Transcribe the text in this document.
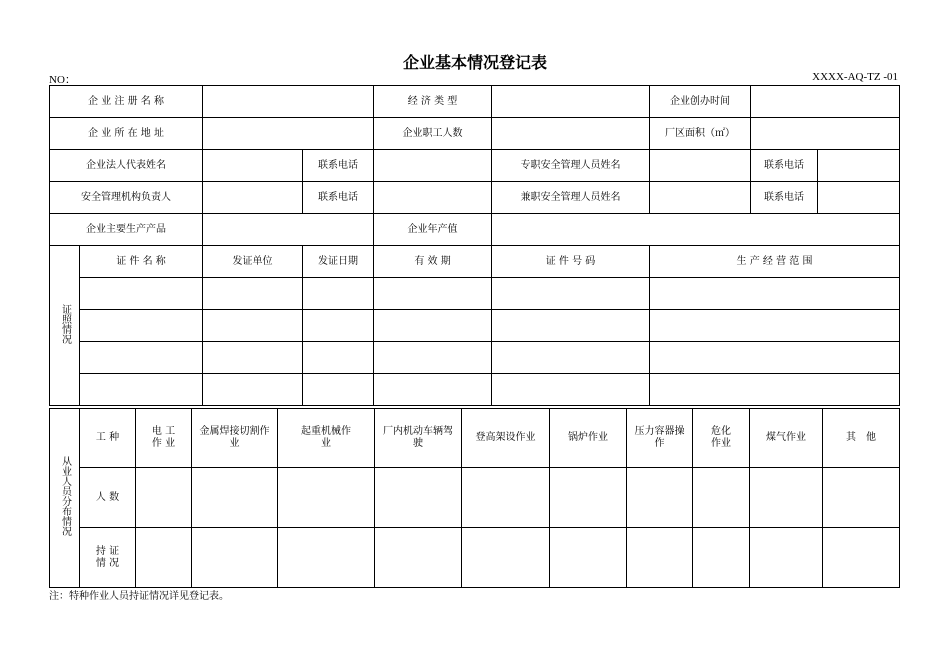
企业基本情况登记表
NO：	XXXX-AQ-TZ -01
企 业 注 册 名 称				经 济 类 型		企业创办时间		
企 业 所 在 地 址				企业职工人数		厂区面积（㎡）		
企业法人代表姓名			联系电话		专职安全管理人员姓名		联系电话	
安全管理机构负责人			联系电话		兼职安全管理人员姓名		联系电话	
企业主要生产产品				企业年产值				
证照情况	证 件 名 称	发证单位	发证日期	有 效 期	证 件 号 码	生 产 经 营 范 围		

从业人员分布情况	工 种	电 工 作 业	金属焊接切割作业	起重机械作业	厂内机动车辆驾驶	登高架设作业	锅炉作业	压力容器操作	危化作业	煤气作业	其　他
	人 数										

	持 证 情 况										

注：特种作业人员持证情况详见登记表。
